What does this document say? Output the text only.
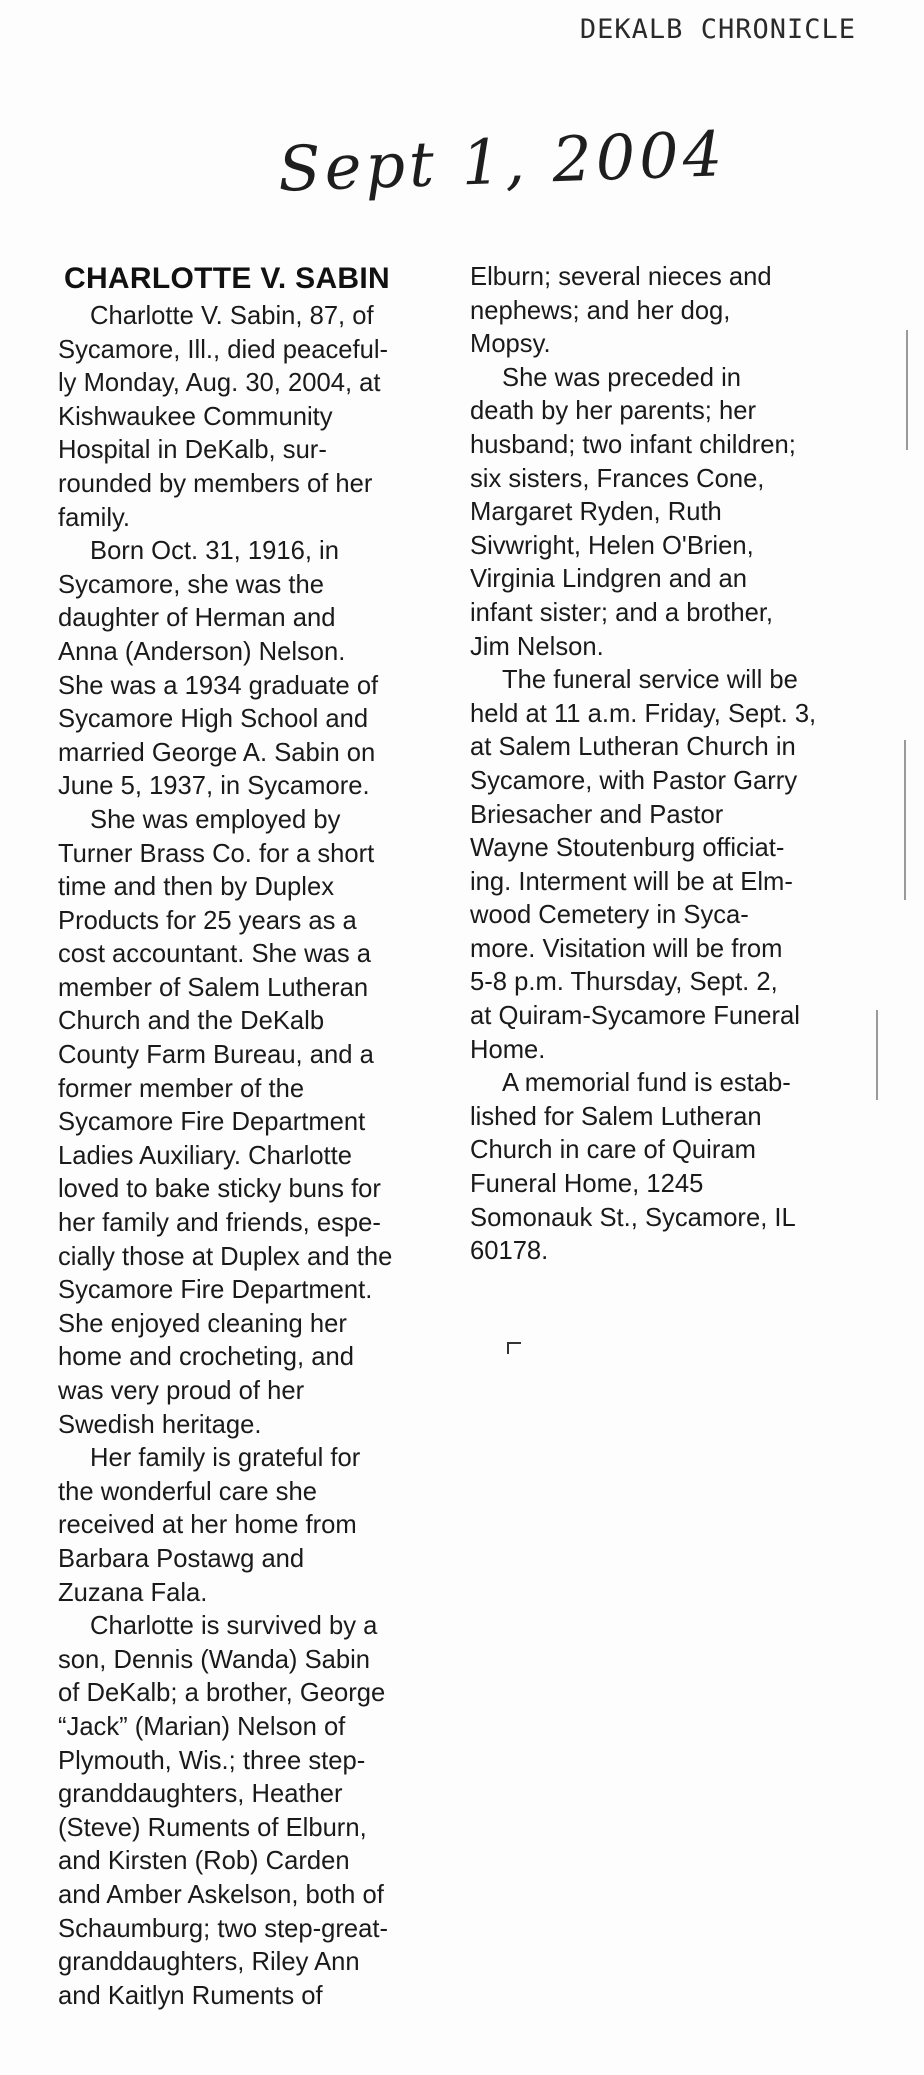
DEKALB CHRONICLE
Sept 1, 2004
CHARLOTTE V. SABIN
Charlotte V. Sabin, 87, of
Sycamore, Ill., died peaceful-
ly Monday, Aug. 30, 2004, at
Kishwaukee Community
Hospital in DeKalb, sur-
rounded by members of her
family.
Born Oct. 31, 1916, in
Sycamore, she was the
daughter of Herman and
Anna (Anderson) Nelson.
She was a 1934 graduate of
Sycamore High School and
married George A. Sabin on
June 5, 1937, in Sycamore.
She was employed by
Turner Brass Co. for a short
time and then by Duplex
Products for 25 years as a
cost accountant. She was a
member of Salem Lutheran
Church and the DeKalb
County Farm Bureau, and a
former member of the
Sycamore Fire Department
Ladies Auxiliary. Charlotte
loved to bake sticky buns for
her family and friends, espe-
cially those at Duplex and the
Sycamore Fire Department.
She enjoyed cleaning her
home and crocheting, and
was very proud of her
Swedish heritage.
Her family is grateful for
the wonderful care she
received at her home from
Barbara Postawg and
Zuzana Fala.
Charlotte is survived by a
son, Dennis (Wanda) Sabin
of DeKalb; a brother, George
“Jack” (Marian) Nelson of
Plymouth, Wis.; three step-
granddaughters, Heather
(Steve) Ruments of Elburn,
and Kirsten (Rob) Carden
and Amber Askelson, both of
Schaumburg; two step-great-
granddaughters, Riley Ann
and Kaitlyn Ruments of
Elburn; several nieces and
nephews; and her dog,
Mopsy.
She was preceded in
death by her parents; her
husband; two infant children;
six sisters, Frances Cone,
Margaret Ryden, Ruth
Sivwright, Helen O'Brien,
Virginia Lindgren and an
infant sister; and a brother,
Jim Nelson.
The funeral service will be
held at 11 a.m. Friday, Sept. 3,
at Salem Lutheran Church in
Sycamore, with Pastor Garry
Briesacher and Pastor
Wayne Stoutenburg officiat-
ing. Interment will be at Elm-
wood Cemetery in Syca-
more. Visitation will be from
5-8 p.m. Thursday, Sept. 2,
at Quiram-Sycamore Funeral
Home.
A memorial fund is estab-
lished for Salem Lutheran
Church in care of Quiram
Funeral Home, 1245
Somonauk St., Sycamore, IL
60178.
